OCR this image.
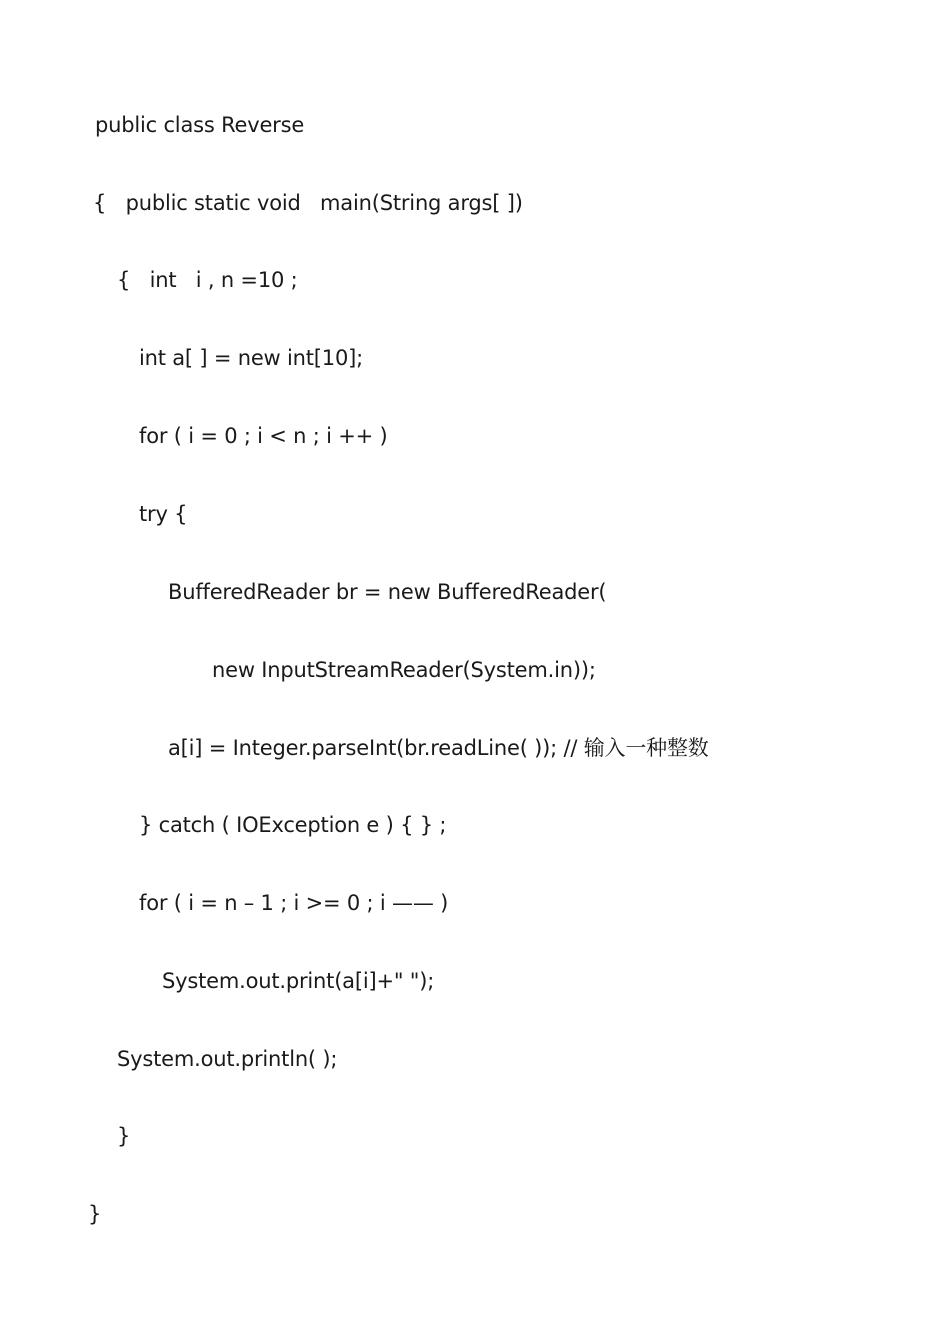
public class Reverse
{   public static void   main(String args[ ])
{   int   i , n =10 ;
int a[ ] = new int[10];
for ( i = 0 ; i < n ; i ++ )
try {
BufferedReader br = new BufferedReader(
new InputStreamReader(System.in));
a[i] = Integer.parseInt(br.readLine( )); // 输入一种整数
} catch ( IOException e ) { } ;
for ( i = n – 1 ; i >= 0 ; i —— )
System.out.print(a[i]+" ");
System.out.println( );
}
}
